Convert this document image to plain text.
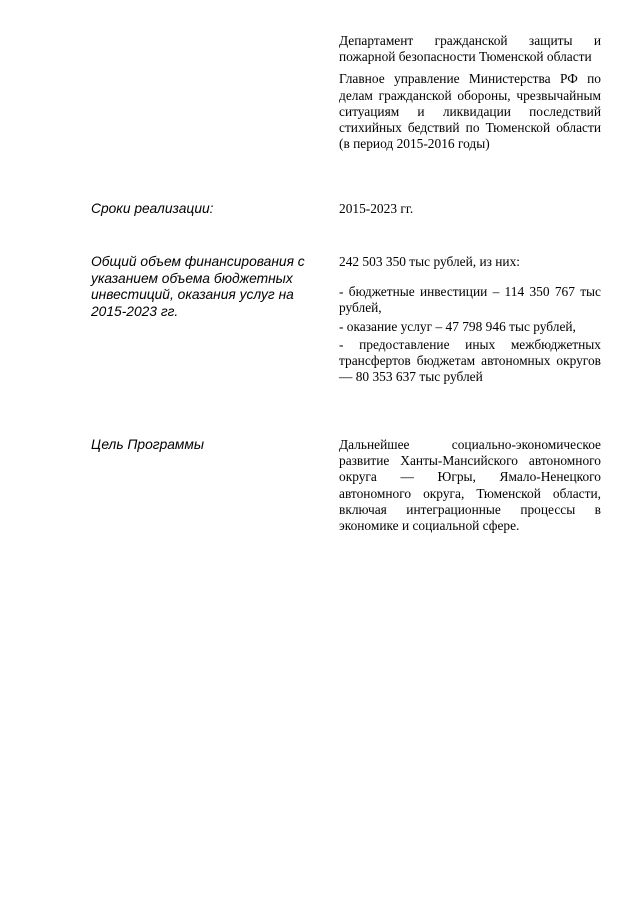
Департамент гражданской защиты и пожарной безопасности Тюменской области

Главное управление Министерства РФ по делам гражданской обороны, чрезвычайным ситуациям и ликвидации последствий стихийных бедствий по Тюменской области (в период 2015-2016 годы)

Сроки реализации:	2015-2023 гг.

Общий объем финансирования с указанием объема бюджетных инвестиций, оказания услуг на 2015-2023 гг.

242 503 350 тыс рублей, из них:

- бюджетные инвестиции – 114 350 767 тыс рублей,

- оказание услуг – 47 798 946 тыс рублей,

- предоставление иных межбюджетных трансфертов бюджетам автономных округов — 80 353 637 тыс рублей

Цель Программы	Дальнейшее социально-экономическое развитие Ханты-Мансийского автономного округа — Югры, Ямало-Ненецкого автономного округа, Тюменской области, включая интеграционные процессы в экономике и социальной сфере.
